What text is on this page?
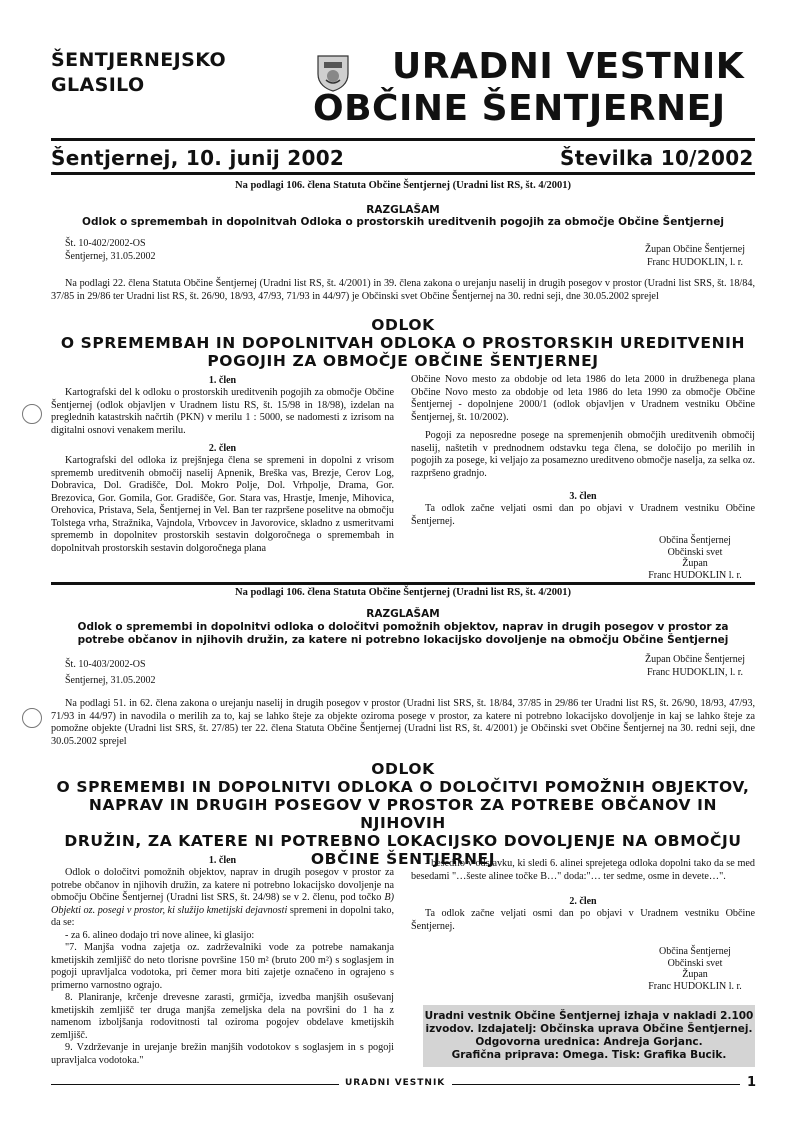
ŠENTJERNEJSKO
GLASILO	URADNI VESTNIK
OBČINE ŠENTJERNEJ
Šentjernej, 10. junij 2002	Številka 10/2002
Na podlagi 106. člena Statuta Občine Šentjernej (Uradni list RS, št. 4/2001)
RAZGLAŠAM
Odlok o spremembah in dopolnitvah Odloka o prostorskih ureditvenih pogojih za območje Občine Šentjernej
Št. 10-402/2002-OS
Šentjernej, 31.05.2002
Župan Občine Šentjernej
Franc HUDOKLIN, l. r.

Na podlagi 22. člena Statuta Občine Šentjernej (Uradni list RS, št. 4/2001) in 39. člena zakona o urejanju naselij in drugih posegov v prostor (Uradni list SRS, št. 18/84, 37/85 in 29/86 ter Uradni list RS, št. 26/90, 18/93, 47/93, 71/93 in 44/97) je Občinski svet Občine Šentjernej na 30. redni seji, dne 30.05.2002 sprejel

ODLOK
O SPREMEMBAH IN DOPOLNITVAH ODLOKA O PROSTORSKIH UREDITVENIH
POGOJIH ZA OBMOČJE OBČINE ŠENTJERNEJ
1. člen

Kartografski del k odloku o prostorskih ureditvenih pogojih za območje Občine Šentjernej (odlok objavljen v Uradnem listu RS, št. 15/98 in 18/98), izdelan na preglednih katastrskih načrtih (PKN) v merilu 1 : 5000, se nadomesti z izrisom na digitalni osnovi venakem merilu.

2. člen

Kartografski del odloka iz prejšnjega člena se spremeni in dopolni z vrisom sprememb ureditvenih območij naselij Apnenik, Breška vas, Brezje, Cerov Log, Dobravica, Dol. Gradišče, Dol. Mokro Polje, Dol. Vrhpolje, Drama, Gor. Brezovica, Gor. Gomila, Gor. Gradišče, Gor. Stara vas, Hrastje, Imenje, Mihovica, Orehovica, Pristava, Sela, Šentjernej in Vel. Ban ter razpršene poselitve na območju Tolstega vrha, Stražnika, Vajndola, Vrbovcev in Javorovice, skladno z usmeritvami sprememb in dopolnitev prostorskih sestavin dolgoročnega o spremembah in dopolnitvah prostorskih sestavin dolgoročnega plana

Občine Novo mesto za obdobje od leta 1986 do leta 2000 in družbenega plana Občine Novo mesto za obdobje od leta 1986 do leta 1990 za območje Občine Šentjernej - dopolnjene 2000/1 (odlok objavljen v Uradnem vestniku Občine Šentjernej, št. 10/2002).

Pogoji za neposredne posege na spremenjenih območjih ureditvenih območij naselij, naštetih v prednodnem odstavku tega člena, se določijo po merilih in pogojih za posege, ki veljajo za posamezno ureditveno območje naselja, za selka oz. razpršeno gradnjo.

3. člen

Ta odlok začne veljati osmi dan po objavi v Uradnem vestniku Občine Šentjernej.

Občina Šentjernej
Občinski svet
Župan
Franc HUDOKLIN l. r.
Na podlagi 106. člena Statuta Občine Šentjernej (Uradni list RS, št. 4/2001)
RAZGLAŠAM
Odlok o spremembi in dopolnitvi odloka o določitvi pomožnih objektov, naprav in drugih posegov v prostor za
potrebe občanov in njihovih družin, za katere ni potrebno lokacijsko dovoljenje na območju Občine Šentjernej
Št. 10-403/2002-OS
Šentjernej, 31.05.2002
Župan Občine Šentjernej
Franc HUDOKLIN, l. r.

Na podlagi 51. in 62. člena zakona o urejanju naselij in drugih posegov v prostor (Uradni list SRS, št. 18/84, 37/85 in 29/86 ter Uradni list RS, št. 26/90, 18/93, 47/93, 71/93 in 44/97) in navodila o merilih za to, kaj se lahko šteje za objekte oziroma posege v prostor, za katere ni potrebno lokacijsko dovoljenje in kaj se lahko šteje za pomožne objekte (Uradni list SRS, št. 27/85) ter 22. člena Statuta Občine Šentjernej (Uradni list RS, št. 4/2001) je Občinski svet Občine Šentjernej na 30. redni seji, dne 30.05.2002 sprejel

ODLOK
O SPREMEMBI IN DOPOLNITVI ODLOKA O DOLOČITVI POMOŽNIH OBJEKTOV,
NAPRAV IN DRUGIH POSEGOV V PROSTOR ZA POTREBE OBČANOV IN NJIHOVIH
DRUŽIN, ZA KATERE NI POTREBNO LOKACIJSKO DOVOLJENJE NA OBMOČJU
OBČINE ŠENTJERNEJ
1. člen

Odlok o določitvi pomožnih objektov, naprav in drugih posegov v prostor za potrebe občanov in njihovih družin, za katere ni potrebno lokacijsko dovoljenje na območju Občine Šentjernej (Uradni list SRS, št. 24/98) se v 2. členu, pod točko B) Objekti oz. posegi v prostor, ki služijo kmetijski dejavnosti spremeni in dopolni tako, da se:

- za 6. alineo dodajo tri nove alinee, ki glasijo:

"7. Manjša vodna zajetja oz. zadrževalniki vode za potrebe namakanja kmetijskih zemljišč do neto tlorisne površine 150 m² (bruto 200 m²) s soglasjem in pogoji upravljalca vodotoka, pri čemer mora biti zajetje označeno in ograjeno s primerno varnostno ograjo.

8. Planiranje, krčenje drevesne zarasti, grmičja, izvedba manjših osuševanj kmetijskih zemljišč ter druga manjša zemeljska dela na površini do 1 ha z namenom izboljšanja rodovitnosti tal oziroma pogojev obdelave kmetijskih zemljišč.

9. Vzdrževanje in urejanje brežin manjših vodotokov s soglasjem in s pogoji upravljalca vodotoka."

- besedilo v odstavku, ki sledi 6. alinei sprejetega odloka dopolni tako da se med besedami "…šeste alinee točke B…" doda:"… ter sedme, osme in devete…".

2. člen

Ta odlok začne veljati osmi dan po objavi v Uradnem vestniku Občine Šentjernej.

Občina Šentjernej
Občinski svet
Župan
Franc HUDOKLIN l. r.
Uradni vestnik Občine Šentjernej izhaja v nakladi 2.100
izvodov. Izdajatelj: Občinska uprava Občine Šentjernej.
Odgovorna urednica: Andreja Gorjanc.
Grafična priprava: Omega. Tisk: Grafika Bucik.
URADNI VESTNIK	1
